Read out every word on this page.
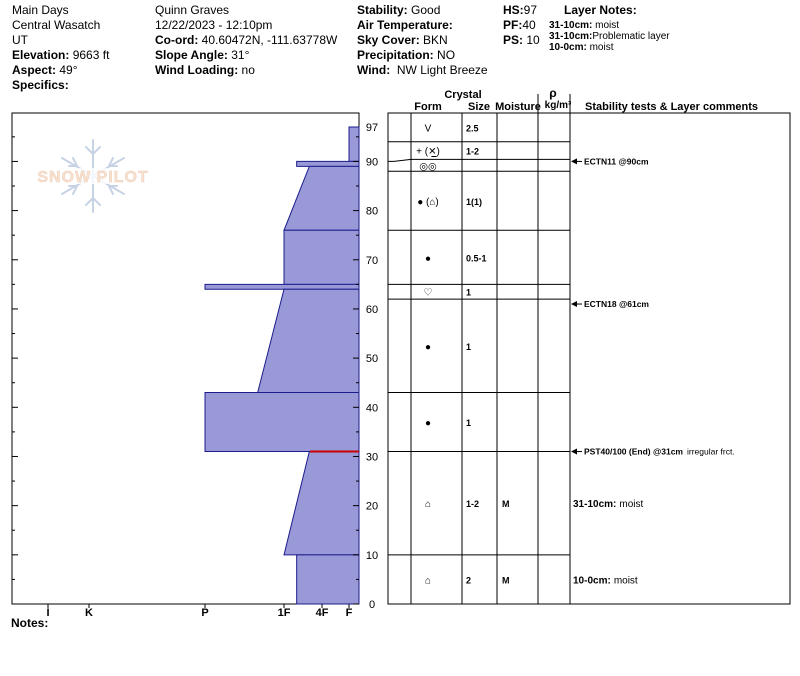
Main Days
Central Wasatch
UT
Elevation: 9663 ft
Aspect: 49°
Specifics:
Quinn Graves
12/22/2023 - 12:10pm
Co-ord: 40.60472N, -111.63778W
Slope Angle: 31°
Wind Loading: no
Stability: Good
Air Temperature:
Sky Cover: BKN
Precipitation: NO
Wind: NW Light Breeze
HS:97
PF:40
PS: 10
Layer Notes:
31-10cm: moist
31-10cm:Problematic layer
10-0cm: moist
Notes:
SNOW PILOT
I	K	P	1F 4F F
0
10
20
30
40
50
60
70
80
90
97
Crystal
Form Size Moisture
ρ
kg/m³ Stability tests & Layer comments
V	2.5
+ (✕̲)	1-2
◎◎
● (⌂)	1(1)
●	0.5-1
♡	1
●	1
●	1
⌂	1-2	M
⌂	2	M
ECTN11 @90cm
ECTN18 @61cm
PST40/100 (End) @31cm irregular frct.
31-10cm: moist
10-0cm: moist
